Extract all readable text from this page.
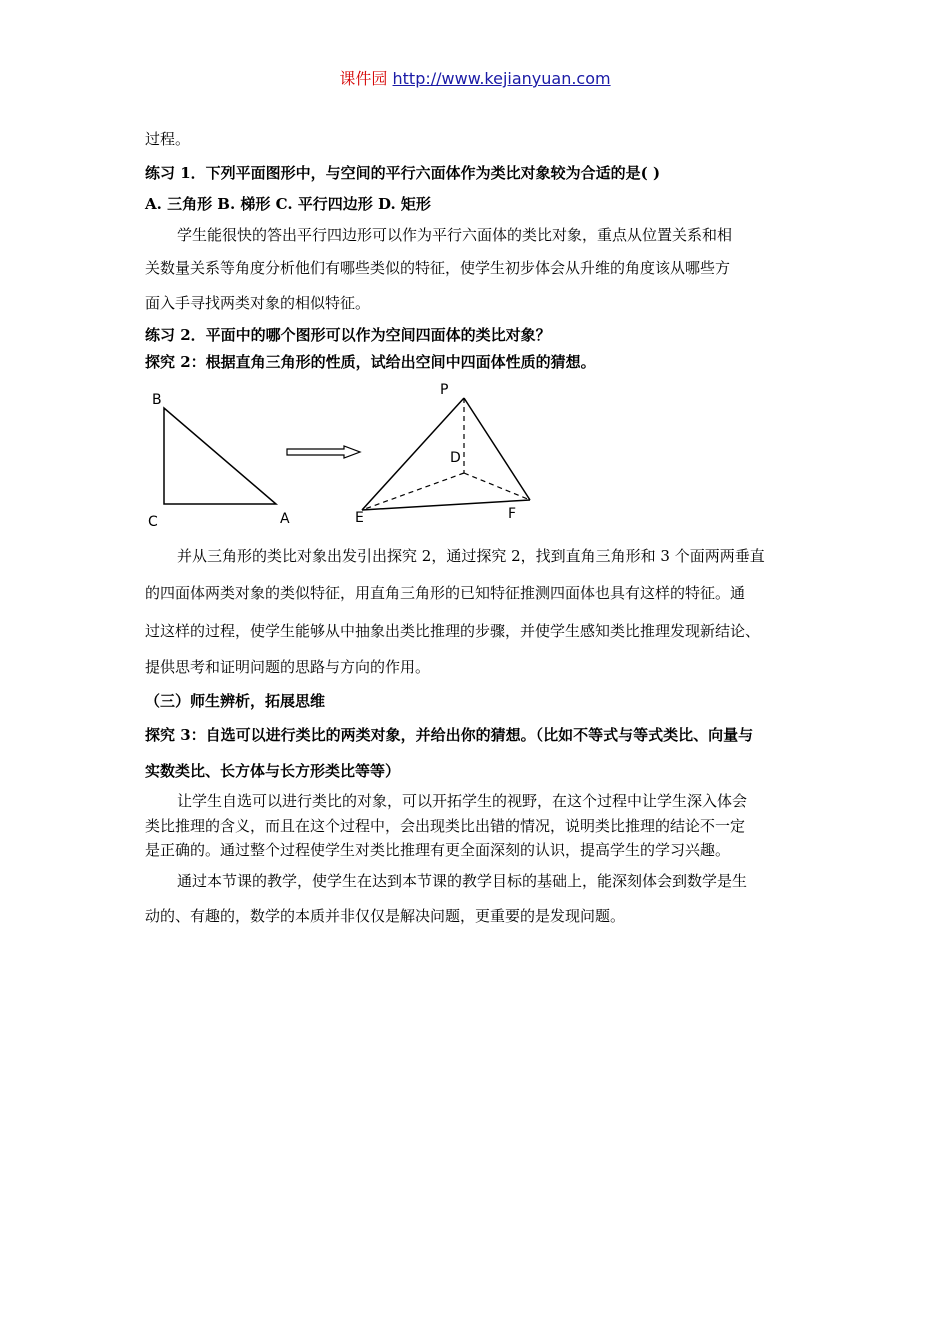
课件园 http://www.kejianyuan.com
过程。
练习 1．下列平面图形中，与空间的平行六面体作为类比对象较为合适的是( )
A. 三角形 B. 梯形 C. 平行四边形 D. 矩形
学生能很快的答出平行四边形可以作为平行六面体的类比对象，重点从位置关系和相
关数量关系等角度分析他们有哪些类似的特征，使学生初步体会从升维的角度该从哪些方
面入手寻找两类对象的相似特征。
练习 2．平面中的哪个图形可以作为空间四面体的类比对象？
探究 2：根据直角三角形的性质，试给出空间中四面体性质的猜想。
并从三角形的类比对象出发引出探究 2，通过探究 2，找到直角三角形和 3 个面两两垂直
的四面体两类对象的类似特征，用直角三角形的已知特征推测四面体也具有这样的特征。通
过这样的过程，使学生能够从中抽象出类比推理的步骤，并使学生感知类比推理发现新结论、
提供思考和证明问题的思路与方向的作用。
（三）师生辨析，拓展思维
探究 3：自选可以进行类比的两类对象，并给出你的猜想。（比如不等式与等式类比、向量与
实数类比、长方体与长方形类比等等）
让学生自选可以进行类比的对象，可以开拓学生的视野，在这个过程中让学生深入体会
类比推理的含义，而且在这个过程中，会出现类比出错的情况，说明类比推理的结论不一定
是正确的。通过整个过程使学生对类比推理有更全面深刻的认识，提高学生的学习兴趣。
通过本节课的教学，使学生在达到本节课的教学目标的基础上，能深刻体会到数学是生
动的、有趣的，数学的本质并非仅仅是解决问题，更重要的是发现问题。
B
C	A
P
D
E	F
